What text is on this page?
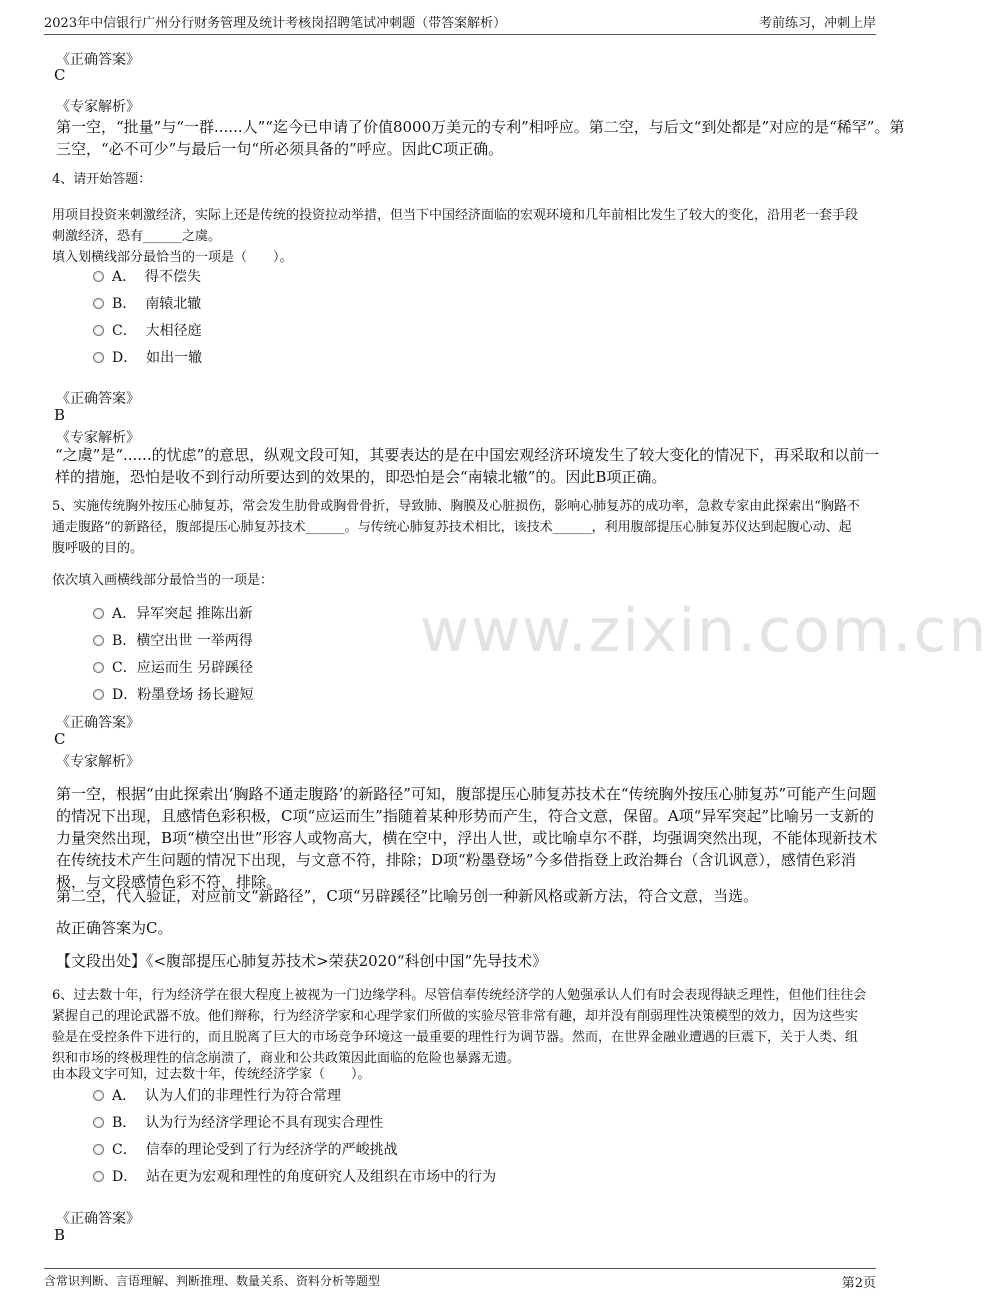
2023年中信银行广州分行财务管理及统计考核岗招聘笔试冲刺题（带答案解析）	考前练习，冲刺上岸
www.zixin.com.cn
《正确答案》
C
《专家解析》
第一空，“批量”与“一群......人”“迄今已申请了价值8000万美元的专利”相呼应。第二空，与后文“到处都是”对应的是“稀罕”。第
三空，“必不可少”与最后一句“所必须具备的”呼应。因此C项正确。
4、请开始答题：
用项目投资来刺激经济，实际上还是传统的投资拉动举措，但当下中国经济面临的宏观环境和几年前相比发生了较大的变化，沿用老一套手段
刺激经济，恐有______之虞。
填入划横线部分最恰当的一项是（　　）。
A． 得不偿失
B． 南辕北辙
C． 大相径庭
D． 如出一辙
《正确答案》
B
《专家解析》
“之虞”是“......的忧虑”的意思，纵观文段可知，其要表达的是在中国宏观经济环境发生了较大变化的情况下，再采取和以前一
样的措施，恐怕是收不到行动所要达到的效果的，即恐怕是会“南辕北辙”的。因此B项正确。
5、实施传统胸外按压心肺复苏，常会发生肋骨或胸骨骨折，导致肺、胸膜及心脏损伤，影响心肺复苏的成功率，急救专家由此探索出“胸路不
通走腹路”的新路径，腹部提压心肺复苏技术______。与传统心肺复苏技术相比，该技术______，利用腹部提压心肺复苏仪达到起腹心动、起
腹呼吸的目的。
依次填入画横线部分最恰当的一项是：
A．异军突起 推陈出新
B．横空出世 一举两得
C．应运而生 另辟蹊径
D．粉墨登场 扬长避短
《正确答案》
C
《专家解析》
第一空，根据“由此探索出‘胸路不通走腹路’的新路径”可知，腹部提压心肺复苏技术在“传统胸外按压心肺复苏”可能产生问题
的情况下出现，且感情色彩积极，C项“应运而生”指随着某种形势而产生，符合文意，保留。A项“异军突起”比喻另一支新的
力量突然出现，B项“横空出世”形容人或物高大，横在空中，浮出人世，或比喻卓尔不群，均强调突然出现，不能体现新技术
在传统技术产生问题的情况下出现，与文意不符，排除；D项“粉墨登场”今多借指登上政治舞台（含讥讽意），感情色彩消
极，与文段感情色彩不符，排除。
第二空，代入验证，对应前文“新路径”，C项“另辟蹊径”比喻另创一种新风格或新方法，符合文意，当选。
故正确答案为C。
【文段出处】《<腹部提压心肺复苏技术>荣获2020“科创中国”先导技术》
6、过去数十年，行为经济学在很大程度上被视为一门边缘学科。尽管信奉传统经济学的人勉强承认人们有时会表现得缺乏理性，但他们往往会
紧握自己的理论武器不放。他们辩称，行为经济学家和心理学家们所做的实验尽管非常有趣，却并没有削弱理性决策模型的效力，因为这些实
验是在受控条件下进行的，而且脱离了巨大的市场竞争环境这一最重要的理性行为调节器。然而，在世界金融业遭遇的巨震下，关于人类、组
织和市场的终极理性的信念崩溃了，商业和公共政策因此面临的危险也暴露无遗。
由本段文字可知，过去数十年，传统经济学家（　　）。
A． 认为人们的非理性行为符合常理
B． 认为行为经济学理论不具有现实合理性
C． 信奉的理论受到了行为经济学的严峻挑战
D． 站在更为宏观和理性的角度研究人及组织在市场中的行为
《正确答案》
B
含常识判断、言语理解、判断推理、数量关系、资料分析等题型	第2页
